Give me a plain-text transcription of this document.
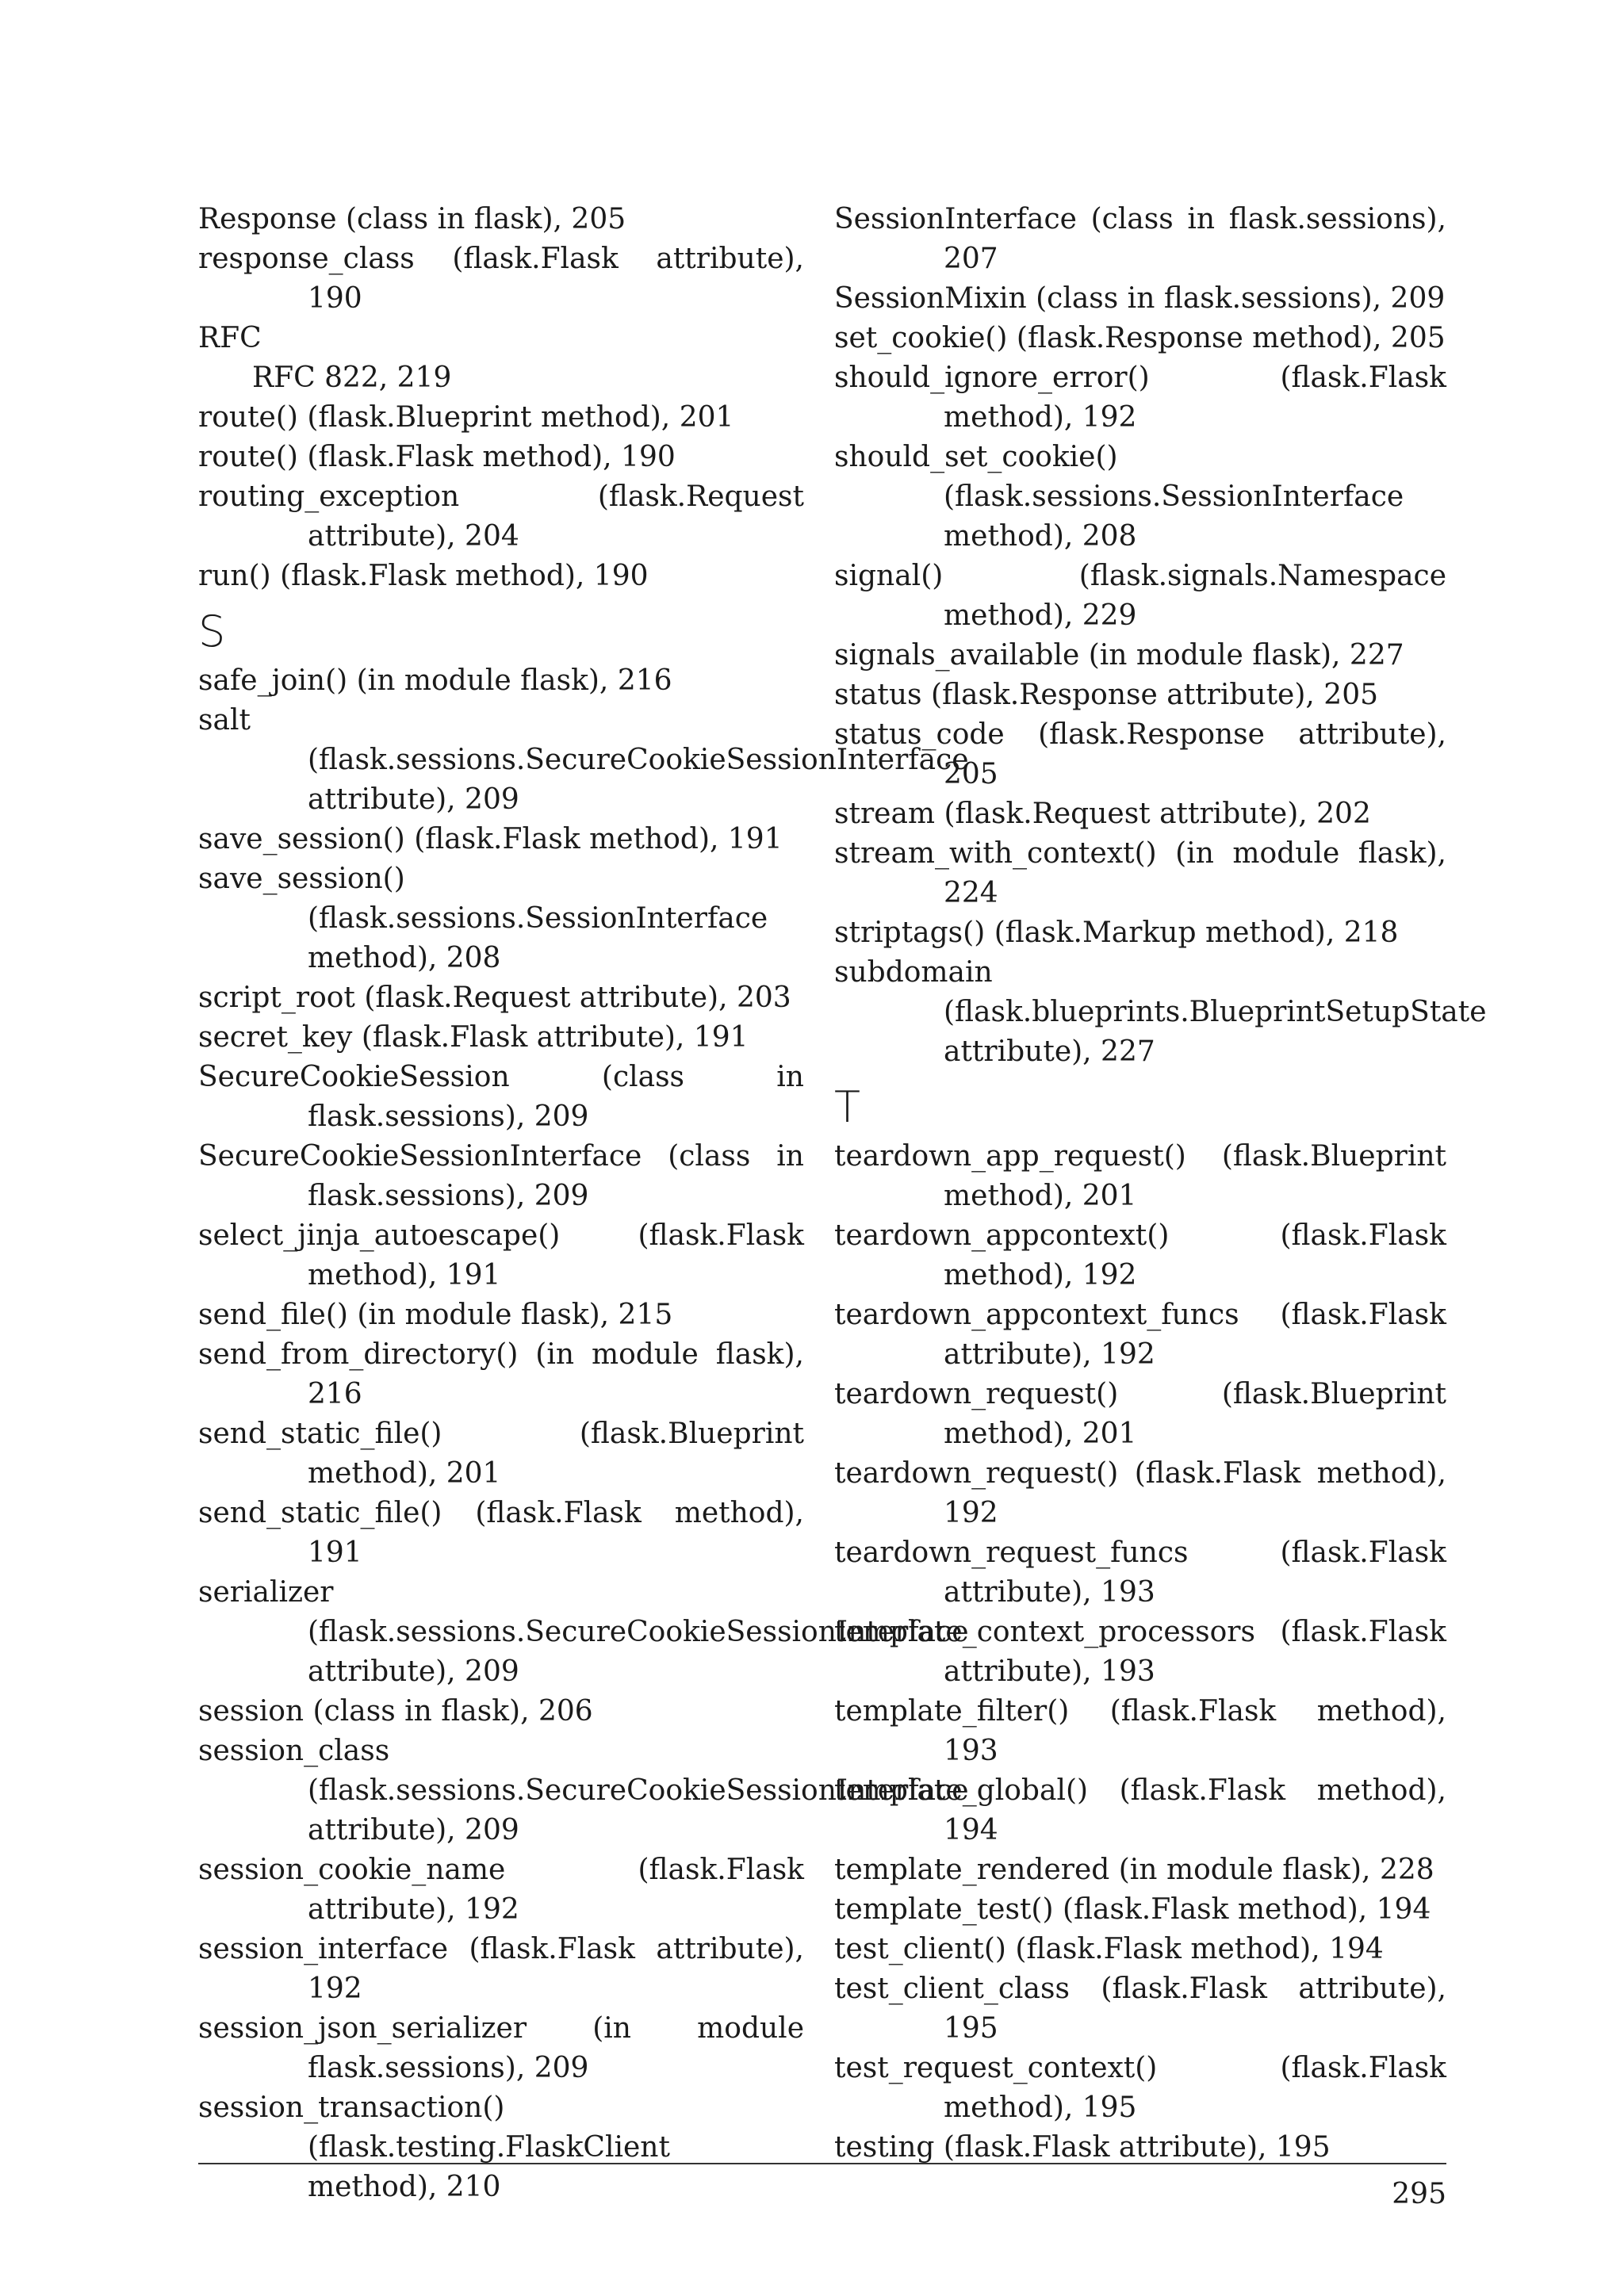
Response (class in flask), 205
response_class (flask.Flask attribute), 190
RFC
RFC 822, 219
route() (flask.Blueprint method), 201
route() (flask.Flask method), 190
routing_exception (flask.Request attribute), 204
run() (flask.Flask method), 190
S
safe_join() (in module flask), 216
salt (flask.sessions.SecureCookieSessionInterface attribute), 209
save_session() (flask.Flask method), 191
save_session() (flask.sessions.SessionInterface method), 208
script_root (flask.Request attribute), 203
secret_key (flask.Flask attribute), 191
SecureCookieSession (class in flask.sessions), 209
SecureCookieSessionInterface (class in flask.sessions), 209
select_jinja_autoescape() (flask.Flask method), 191
send_file() (in module flask), 215
send_from_directory() (in module flask), 216
send_static_file() (flask.Blueprint method), 201
send_static_file() (flask.Flask method), 191
serializer (flask.sessions.SecureCookieSessionInterface attribute), 209
session (class in flask), 206
session_class (flask.sessions.SecureCookieSessionInterface attribute), 209
session_cookie_name (flask.Flask attribute), 192
session_interface (flask.Flask attribute), 192
session_json_serializer (in module flask.sessions), 209
session_transaction() (flask.testing.FlaskClient method), 210
SessionInterface (class in flask.sessions), 207
SessionMixin (class in flask.sessions), 209
set_cookie() (flask.Response method), 205
should_ignore_error() (flask.Flask method), 192
should_set_cookie() (flask.sessions.SessionInterface method), 208
signal() (flask.signals.Namespace method), 229
signals_available (in module flask), 227
status (flask.Response attribute), 205
status_code (flask.Response attribute), 205
stream (flask.Request attribute), 202
stream_with_context() (in module flask), 224
striptags() (flask.Markup method), 218
subdomain (flask.blueprints.BlueprintSetupState attribute), 227
T
teardown_app_request() (flask.Blueprint method), 201
teardown_appcontext() (flask.Flask method), 192
teardown_appcontext_funcs (flask.Flask attribute), 192
teardown_request() (flask.Blueprint method), 201
teardown_request() (flask.Flask method), 192
teardown_request_funcs (flask.Flask attribute), 193
template_context_processors (flask.Flask attribute), 193
template_filter() (flask.Flask method), 193
template_global() (flask.Flask method), 194
template_rendered (in module flask), 228
template_test() (flask.Flask method), 194
test_client() (flask.Flask method), 194
test_client_class (flask.Flask attribute), 195
test_request_context() (flask.Flask method), 195
testing (flask.Flask attribute), 195
295
